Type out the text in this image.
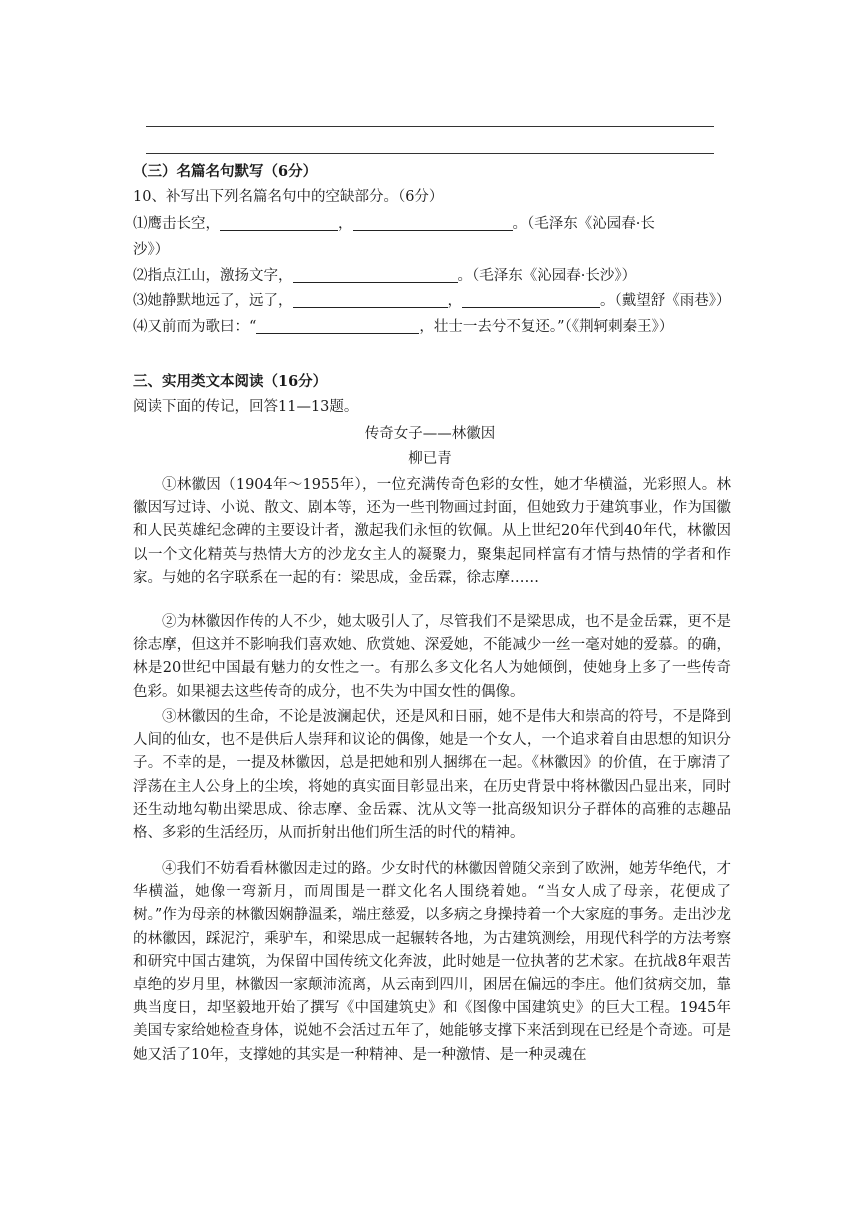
（三）名篇名句默写（6分）
10、补写出下列名篇名句中的空缺部分。（6分）
⑴鹰击长空，	，	。（毛泽东《沁园春·长
沙》）
⑵指点江山，激扬文字，	。（毛泽东《沁园春·长沙》）
⑶她静默地远了，远了，	，	。（戴望舒《雨巷》）
⑷又前而为歌曰：“	，壮士一去兮不复还。”（《荆轲刺秦王》）
三、实用类文本阅读（16分）
阅读下面的传记，回答11—13题。
传奇女子——林徽因
柳已青

①林徽因（1904年～1955年），一位充满传奇色彩的女性，她才华横溢，光彩照人。林徽因写过诗、小说、散文、剧本等，还为一些刊物画过封面，但她致力于建筑事业，作为国徽和人民英雄纪念碑的主要设计者，激起我们永恒的钦佩。从上世纪20年代到40年代，林徽因以一个文化精英与热情大方的沙龙女主人的凝聚力，聚集起同样富有才情与热情的学者和作家。与她的名字联系在一起的有：梁思成，金岳霖，徐志摩……

②为林徽因作传的人不少，她太吸引人了，尽管我们不是梁思成，也不是金岳霖，更不是徐志摩，但这并不影响我们喜欢她、欣赏她、深爱她，不能减少一丝一毫对她的爱慕。的确，林是20世纪中国最有魅力的女性之一。有那么多文化名人为她倾倒，使她身上多了一些传奇色彩。如果褪去这些传奇的成分，也不失为中国女性的偶像。

③林徽因的生命，不论是波澜起伏，还是风和日丽，她不是伟大和崇高的符号，不是降到人间的仙女，也不是供后人崇拜和议论的偶像，她是一个女人，一个追求着自由思想的知识分子。不幸的是，一提及林徽因，总是把她和别人捆绑在一起。《林徽因》的价值，在于廓清了浮荡在主人公身上的尘埃，将她的真实面目彰显出来，在历史背景中将林徽因凸显出来，同时还生动地勾勒出梁思成、徐志摩、金岳霖、沈从文等一批高级知识分子群体的高雅的志趣品格、多彩的生活经历，从而折射出他们所生活的时代的精神。

④我们不妨看看林徽因走过的路。少女时代的林徽因曾随父亲到了欧洲，她芳华绝代，才华横溢，她像一弯新月，而周围是一群文化名人围绕着她。“当女人成了母亲，花便成了树。”作为母亲的林徽因娴静温柔，端庄慈爱，以多病之身操持着一个大家庭的事务。走出沙龙的林徽因，踩泥泞，乘驴车，和梁思成一起辗转各地，为古建筑测绘，用现代科学的方法考察和研究中国古建筑，为保留中国传统文化奔波，此时她是一位执著的艺术家。在抗战8年艰苦卓绝的岁月里，林徽因一家颠沛流离，从云南到四川，困居在偏远的李庄。他们贫病交加，靠典当度日，却坚毅地开始了撰写《中国建筑史》和《图像中国建筑史》的巨大工程。1945年美国专家给她检查身体，说她不会活过五年了，她能够支撑下来活到现在已经是个奇迹。可是她又活了10年，支撑她的其实是一种精神、是一种激情、是一种灵魂在
